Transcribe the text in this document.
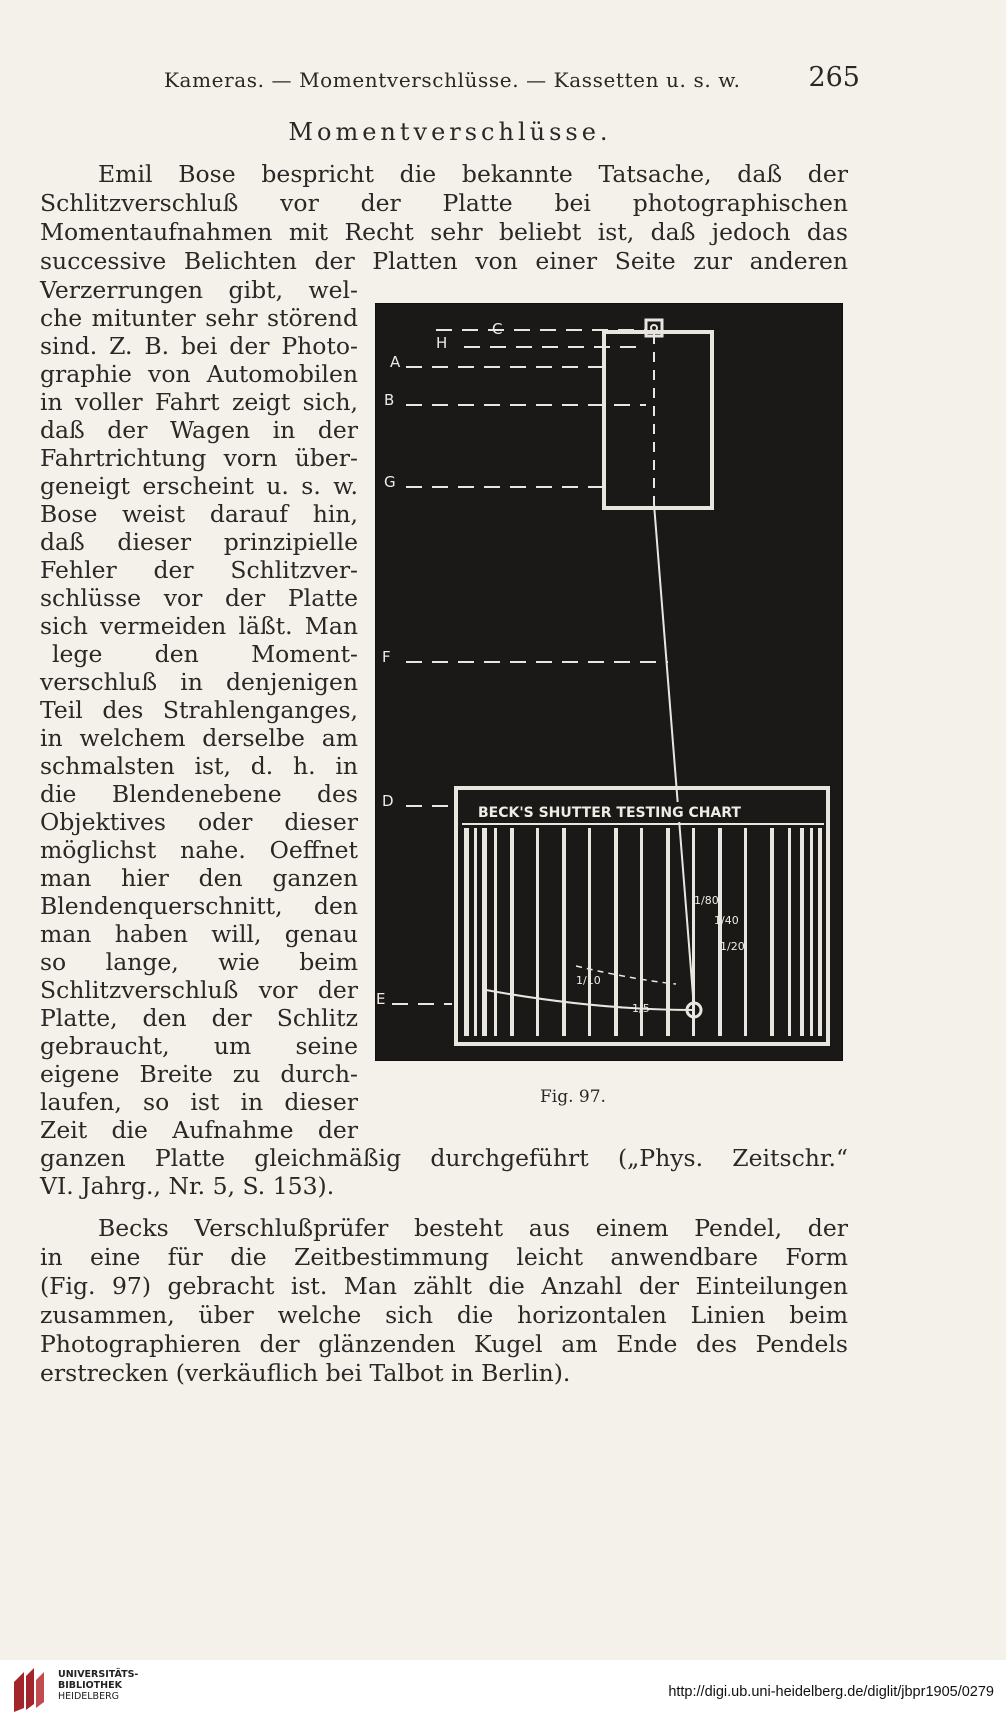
Kameras. — Momentverschlüsse. — Kassetten u. s. w.	265
Momentverschlüsse.
Emil Bose bespricht die bekannte Tatsache, daß der
Schlitzverschluß vor der Platte bei photographischen
Momentaufnahmen mit Recht sehr beliebt ist, daß jedoch das
successive Belichten der Platten von einer Seite zur anderen
Verzerrungen gibt, wel-
che mitunter sehr störend
sind. Z. B. bei der Photo-
graphie von Automobilen
in voller Fahrt zeigt sich,
daß der Wagen in der
Fahrtrichtung vorn über-
geneigt erscheint u. s. w.
Bose weist darauf hin,
daß dieser prinzipielle
Fehler der Schlitzver-
schlüsse vor der Platte
sich vermeiden läßt. Man
lege den Moment-
verschluß in denjenigen
Teil des Strahlenganges,
in welchem derselbe am
schmalsten ist, d. h. in
die Blendenebene des
Objektives oder dieser
möglichst nahe. Oeffnet
man hier den ganzen
Blendenquerschnitt, den
man haben will, genau
so lange, wie beim
Schlitzverschluß vor der
Platte, den der Schlitz
gebraucht, um seine
eigene Breite zu durch-
laufen, so ist in dieser
Zeit die Aufnahme der
ganzen Platte gleichmäßig durchgeführt („Phys. Zeitschr.“
VI. Jahrg., Nr. 5, S. 153).
Becks Verschlußprüfer besteht aus einem Pendel, der
in eine für die Zeitbestimmung leicht anwendbare Form
(Fig. 97) gebracht ist. Man zählt die Anzahl der Einteilungen
zusammen, über welche sich die horizontalen Linien beim
Photographieren der glänzenden Kugel am Ende des Pendels
erstrecken (verkäuflich bei Talbot in Berlin).
BECK'S SHUTTER TESTING CHART
A
B
C
D
E
F
G
H
1/10
1/5
1/80
1/40
1/20
Fig. 97.
UNIVERSITÄTS-
BIBLIOTHEK
HEIDELBERG	http://digi.ub.uni-heidelberg.de/diglit/jbpr1905/0279
